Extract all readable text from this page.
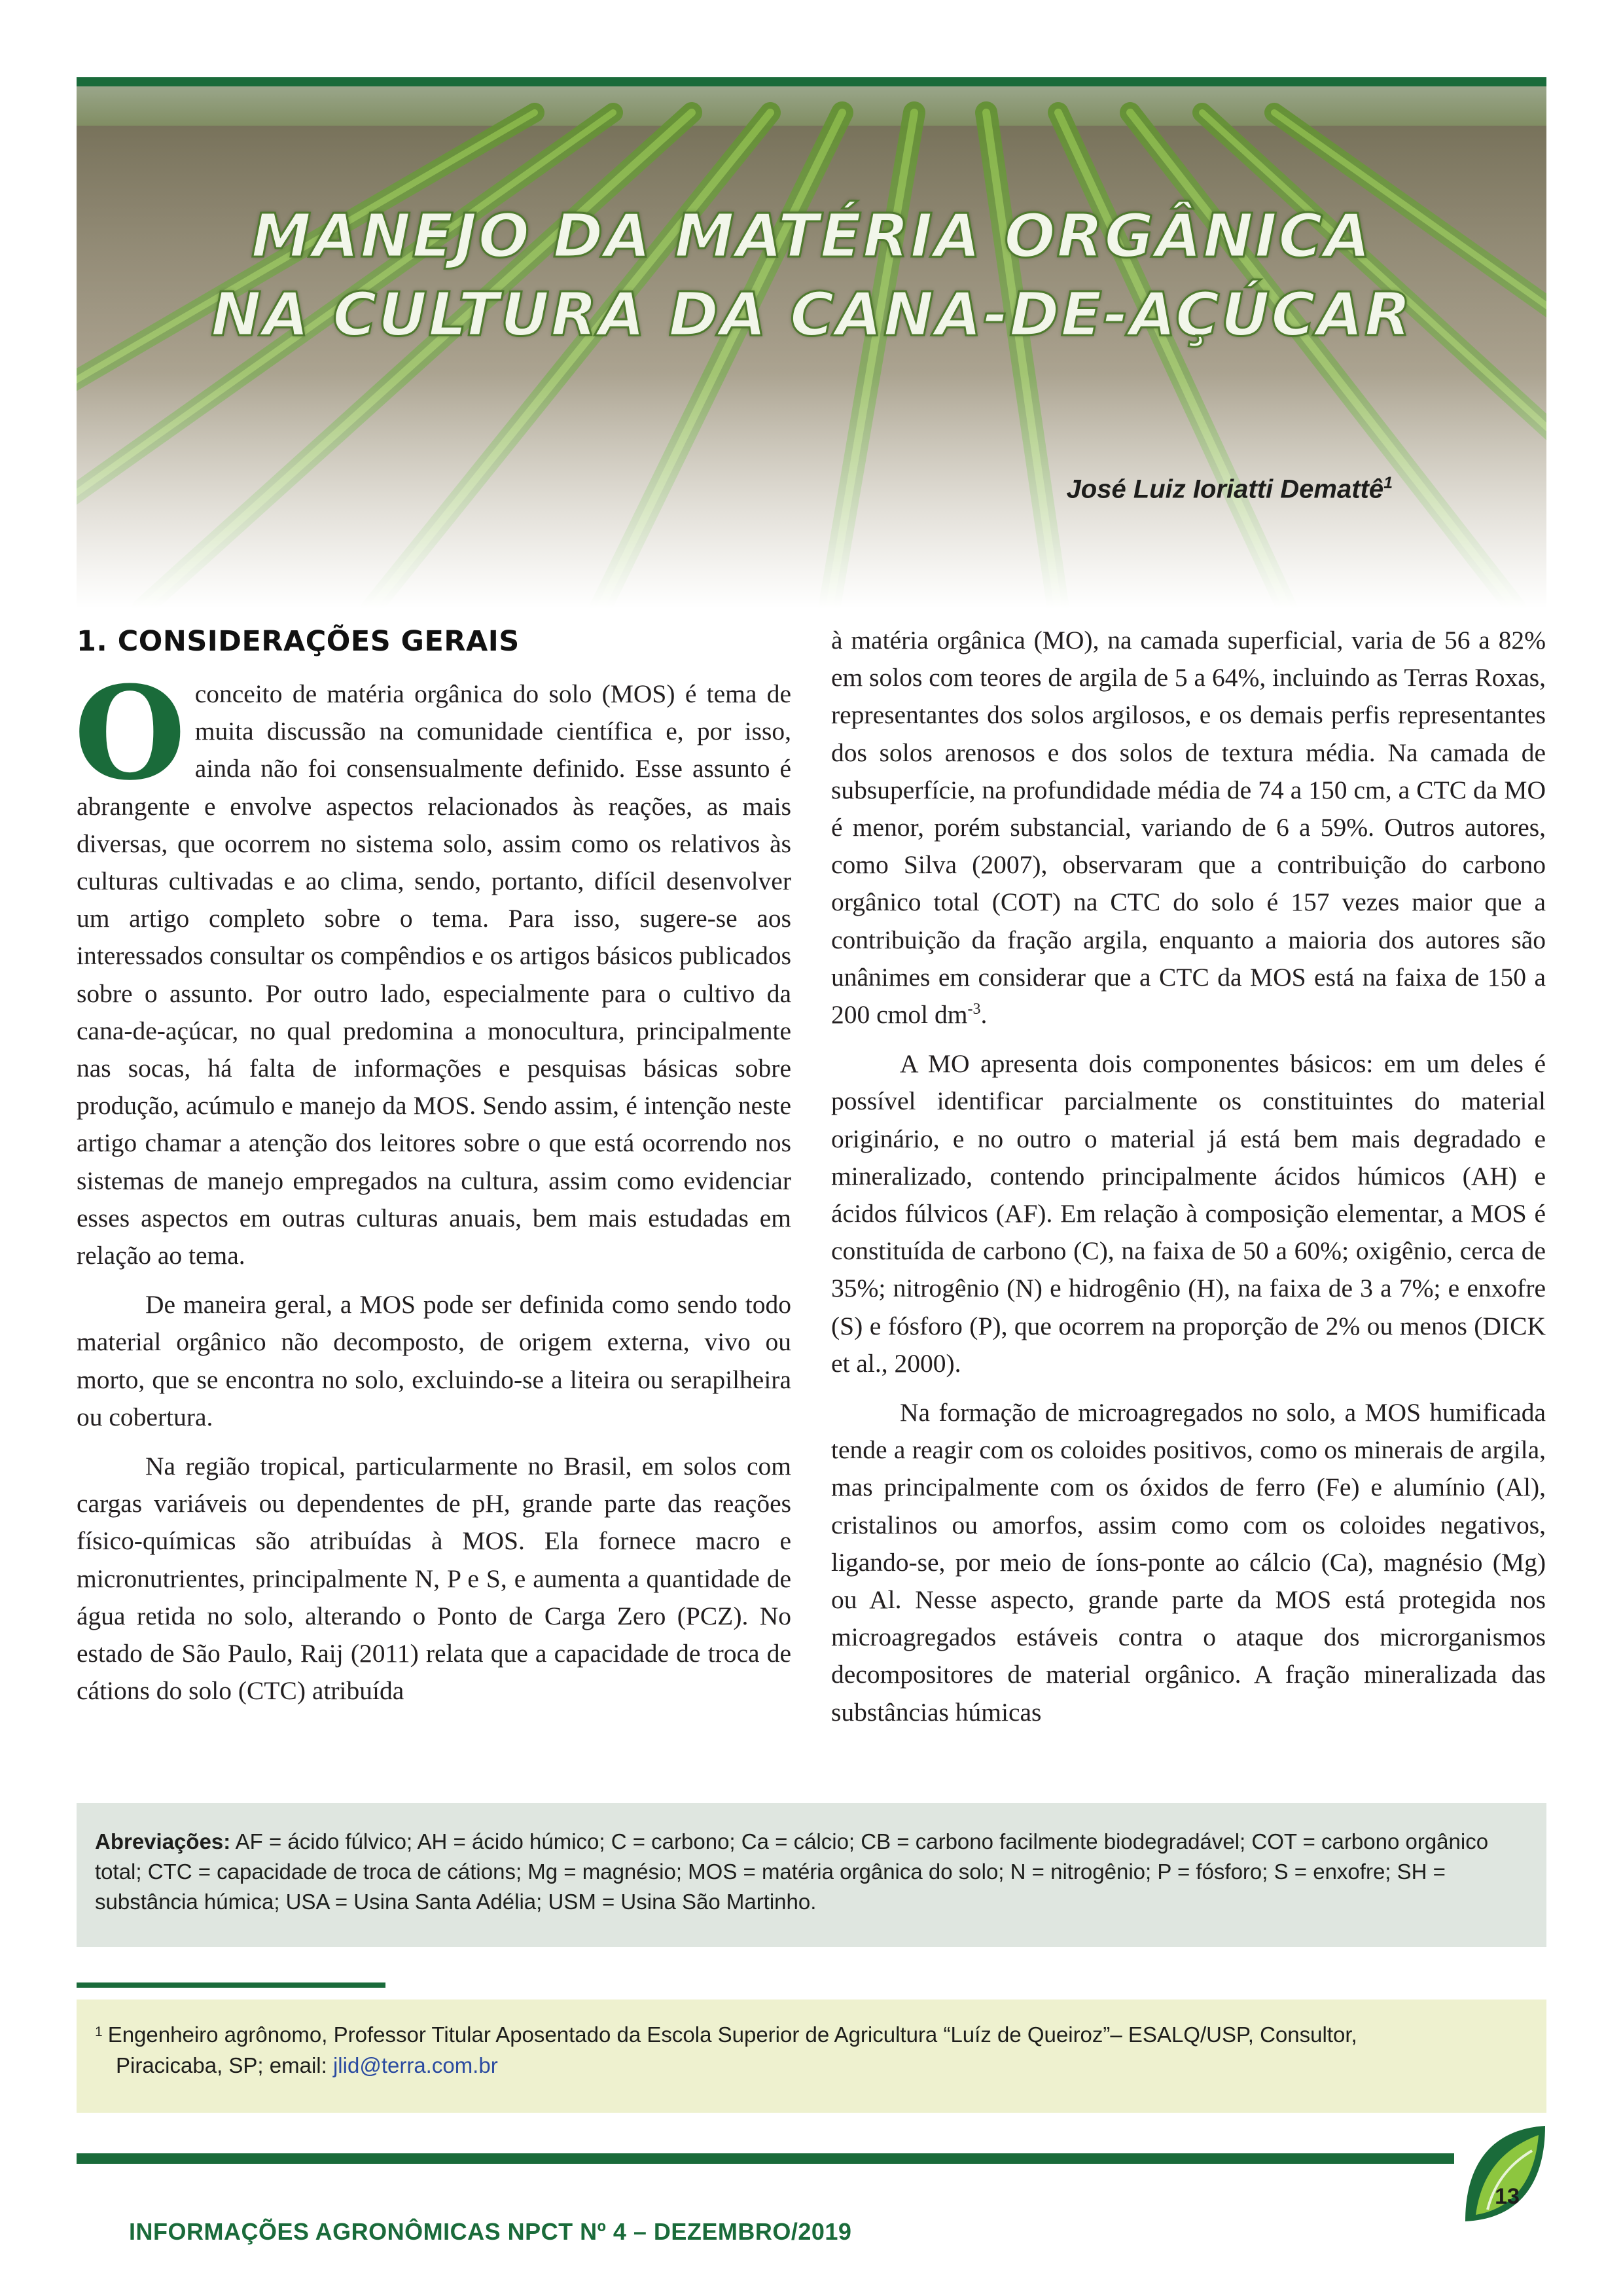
MANEJO DA MATÉRIA ORGÂNICA
NA CULTURA DA CANA-DE-AÇÚCAR
José Luiz Ioriatti Demattê$^1$
1. CONSIDERAÇÕES GERAIS

Oconceito de matéria orgânica do solo (MOS) é tema de muita discussão na comunidade científica e, por isso, ainda não foi consensualmente definido. Esse assunto é abrangente e envolve aspectos relacionados às reações, as mais diversas, que ocorrem no sistema solo, assim como os relativos às culturas cultivadas e ao clima, sendo, portanto, difícil desenvolver um artigo completo sobre o tema. Para isso, sugere-se aos interessados consultar os compêndios e os artigos básicos publicados sobre o assunto. Por outro lado, especialmente para o cultivo da cana-de-açúcar, no qual predomina a monocultura, principalmente nas socas, há falta de informações e pesquisas básicas sobre produção, acúmulo e manejo da MOS. Sendo assim, é intenção neste artigo chamar a atenção dos leitores sobre o que está ocorrendo nos sistemas de manejo empregados na cultura, assim como evidenciar esses aspectos em outras culturas anuais, bem mais estudadas em relação ao tema.

De maneira geral, a MOS pode ser definida como sendo todo material orgânico não decomposto, de origem externa, vivo ou morto, que se encontra no solo, excluindo-se a liteira ou serapilheira ou cobertura.

Na região tropical, particularmente no Brasil, em solos com cargas variáveis ou dependentes de pH, grande parte das reações físico-químicas são atribuídas à MOS. Ela fornece macro e micronutrientes, principalmente N, P e S, e aumenta a quantidade de água retida no solo, alterando o Ponto de Carga Zero (PCZ). No estado de São Paulo, Raij (2011) relata que a capacidade de troca de cátions do solo (CTC) atribuída

à matéria orgânica (MO), na camada superficial, varia de 56 a 82% em solos com teores de argila de 5 a 64%, incluindo as Terras Roxas, representantes dos solos argilosos, e os demais perfis representantes dos solos arenosos e dos solos de textura média. Na camada de subsuperfície, na profundidade média de 74 a 150 cm, a CTC da MO é menor, porém substancial, variando de 6 a 59%. Outros autores, como Silva (2007), observaram que a contribuição do carbono orgânico total (COT) na CTC do solo é 157 vezes maior que a contribuição da fração argila, enquanto a maioria dos autores são unânimes em considerar que a CTC da MOS está na faixa de 150 a 200 cmol $dm^{-3}$.

A MO apresenta dois componentes básicos: em um deles é possível identificar parcialmente os constituintes do material originário, e no outro o material já está bem mais degradado e mineralizado, contendo principalmente ácidos húmicos (AH) e ácidos fúlvicos (AF). Em relação à composição elementar, a MOS é constituída de carbono (C), na faixa de 50 a 60%; oxigênio, cerca de 35%; nitrogênio (N) e hidrogênio (H), na faixa de 3 a 7%; e enxofre (S) e fósforo (P), que ocorrem na proporção de 2% ou menos (DICK et al., 2000).

Na formação de microagregados no solo, a MOS humificada tende a reagir com os coloides positivos, como os minerais de argila, mas principalmente com os óxidos de ferro (Fe) e alumínio (Al), cristalinos ou amorfos, assim como com os coloides negativos, ligando-se, por meio de íons-ponte ao cálcio (Ca), magnésio (Mg) ou Al. Nesse aspecto, grande parte da MOS está protegida nos microagregados estáveis contra o ataque dos microrganismos decompositores de material orgânico. A fração mineralizada das substâncias húmicas

Abreviações: AF = ácido fúlvico; AH = ácido húmico; C = carbono; Ca = cálcio; CB = carbono facilmente biodegradável; COT = carbono orgânico total; CTC = capacidade de troca de cátions; Mg = magnésio; MOS = matéria orgânica do solo; N = nitrogênio; P = fósforo; S = enxofre; SH = substância húmica; USA = Usina Santa Adélia; USM = Usina São Martinho.
$^1$ Engenheiro agrônomo, Professor Titular Aposentado da Escola Superior de Agricultura “Luíz de Queiroz”– ESALQ/USP, Consultor,
Piracicaba, SP; email: jlid@terra.com.br
13
INFORMAÇÕES AGRONÔMICAS NPCT Nº 4 – DEZEMBRO/2019
